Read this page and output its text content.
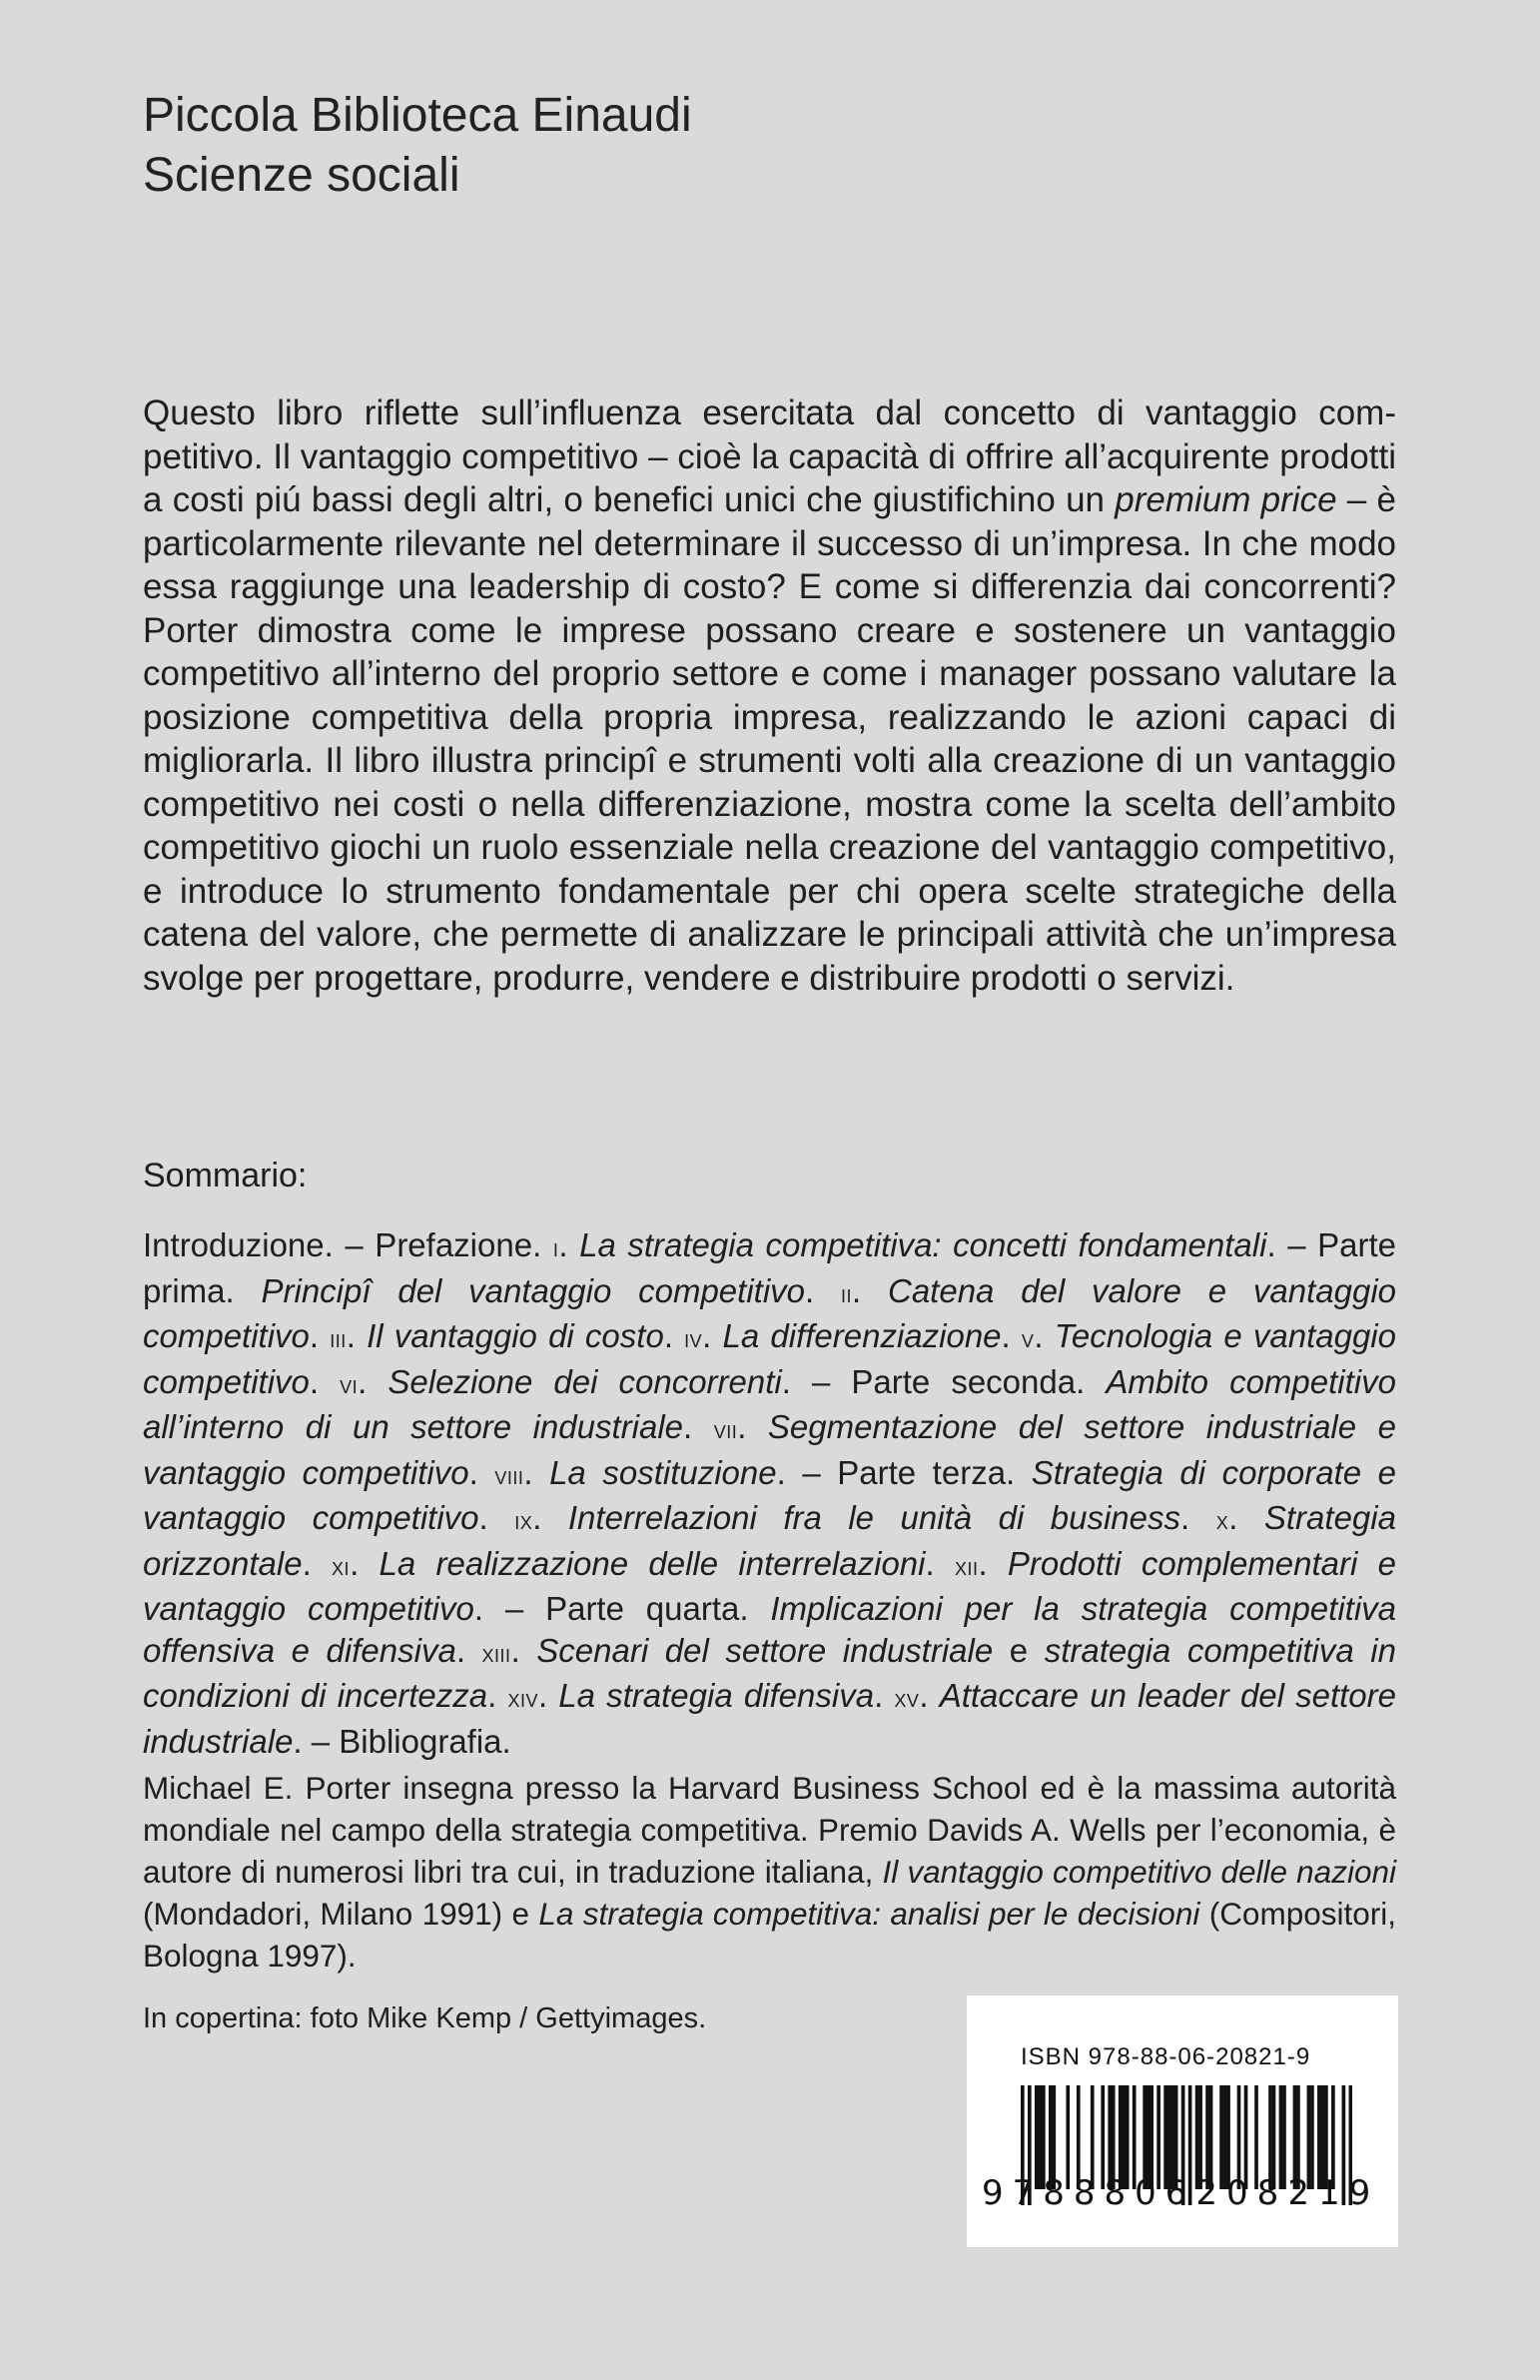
Piccola Biblioteca Einaudi
Scienze sociali
Questo libro riflette sull’influenza esercitata dal concetto di vantaggio competitivo. Il vantaggio competitivo – cioè la capacità di offrire all’acquirente prodotti a costi piú bassi degli altri, o benefici unici che giustifichino un premium price – è particolarmente rilevante nel determinare il successo di un’impresa. In che modo essa raggiunge una leadership di costo? E come si differenzia dai concorrenti? Porter dimostra come le imprese possano creare e sostenere un vantaggio competitivo all’interno del proprio settore e come i manager possano valutare la posizione competitiva della propria impresa, realizzando le azioni capaci di migliorarla. Il libro illustra principî e strumenti volti alla creazione di un vantaggio competitivo nei costi o nella differenziazione, mostra come la scelta dell’ambito competitivo giochi un ruolo essenziale nella creazione del vantaggio competitivo, e introduce lo strumento fondamentale per chi opera scelte strategiche della catena del valore, che permette di analizzare le principali attività che un’impresa svolge per progettare, produrre, vendere e distribuire prodotti o servizi.
Sommario:
Introduzione. – Prefazione. i. La strategia competitiva: concetti fondamentali. – Parte prima. Principî del vantaggio competitivo. ii. Catena del valore e vantaggio competitivo. iii. Il vantaggio di costo. iv. La differenziazione. v. Tecnologia e vantaggio competitivo. vi. Selezione dei concorrenti. – Parte seconda. Ambito competitivo all’interno di un settore industriale. vii. Segmentazione del settore industriale e vantaggio competitivo. viii. La sostituzione. – Parte terza. Strategia di corporate e vantaggio competitivo. ix. Interrelazioni fra le unità di business. x. Strategia orizzontale. xi. La realizzazione delle interrelazioni. xii. Prodotti complementari e vantaggio competitivo. – Parte quarta. Implicazioni per la strategia competitiva offensiva e difensiva. xiii. Scenari del settore industriale e strategia competitiva in condizioni di incertezza. xiv. La strategia difensiva. xv. Attaccare un leader del settore industriale. – Bibliografia.
Michael E. Porter insegna presso la Harvard Business School ed è la massima autorità mondiale nel campo della strategia competitiva. Premio Davids A. Wells per l’economia, è autore di numerosi libri tra cui, in traduzione italiana, Il vantaggio competitivo delle nazioni (Mondadori, Milano 1991) e La strategia competitiva: analisi per le decisioni (Compositori, Bologna 1997).
In copertina: foto Mike Kemp / Gettyimages.
ISBN 978-88-06-20821-9
9788806208219
